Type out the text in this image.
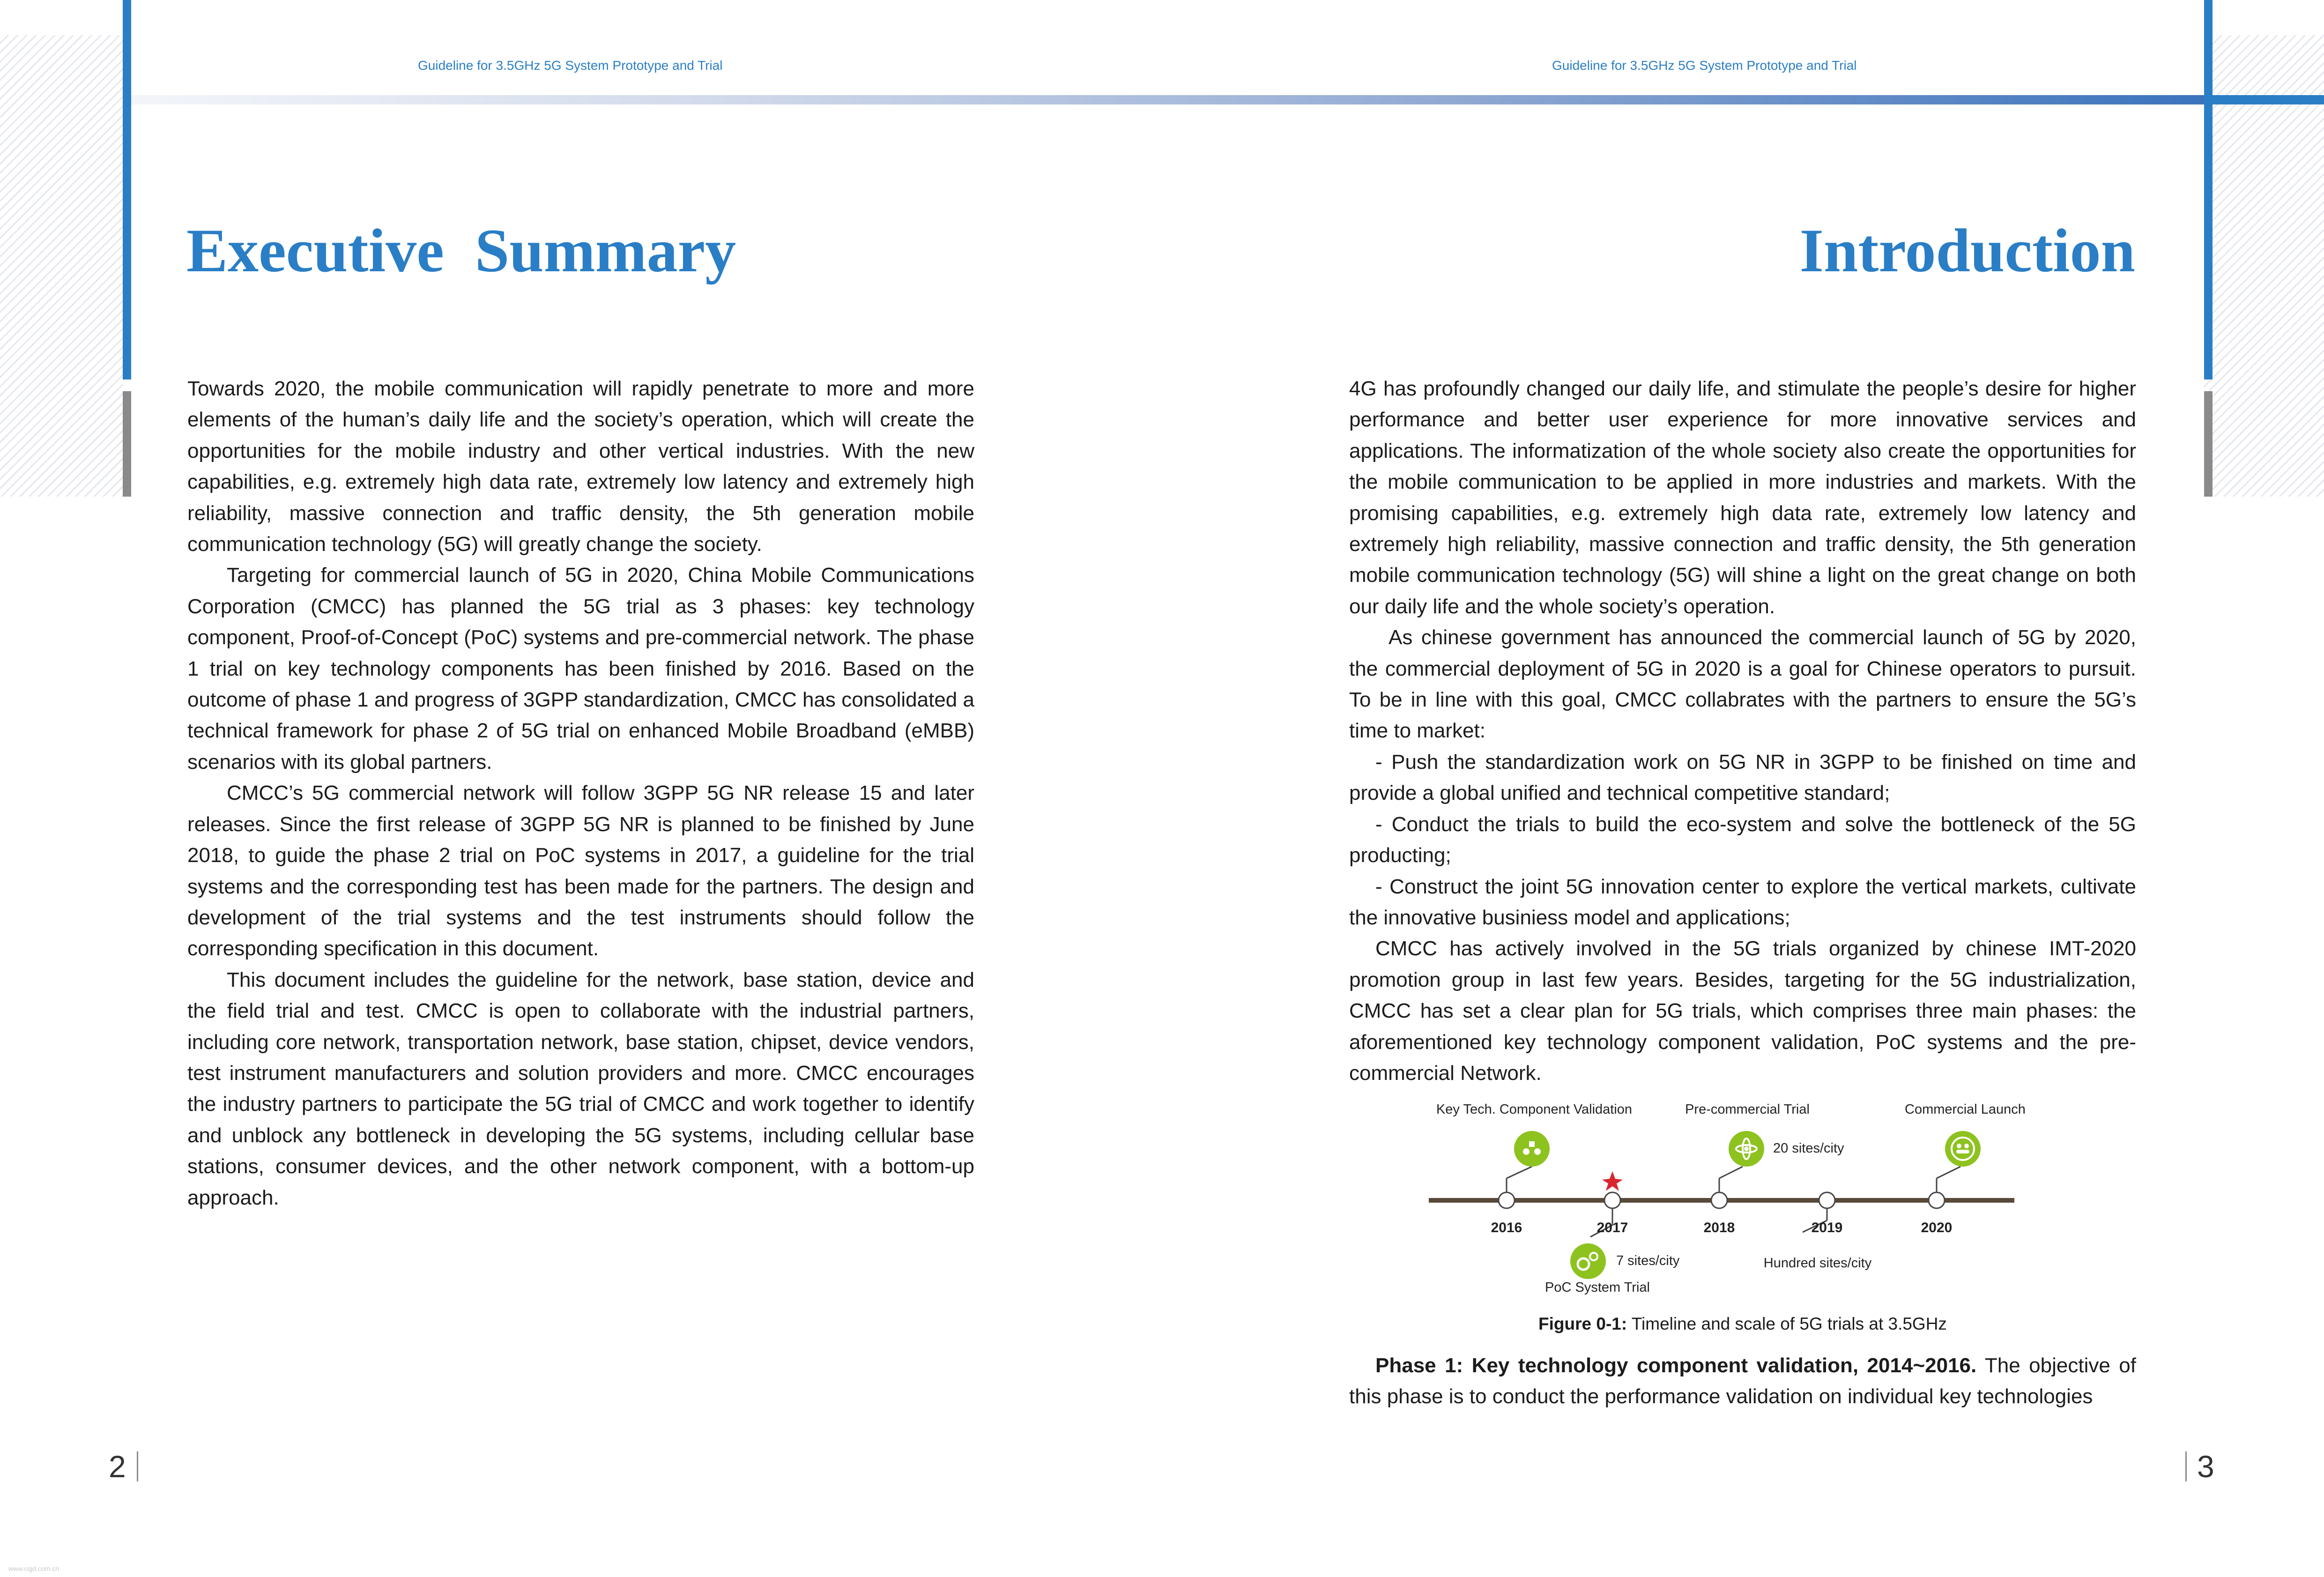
Guideline for 3.5GHz 5G System Prototype and Trial	Guideline for 3.5GHz 5G System Prototype and Trial
Executive  Summary	Introduction

Towards 2020, the mobile communication will rapidly penetrate to more and more elements of the human’s daily life and the society’s operation, which will create the opportunities for the mobile industry and other vertical industries. With the new capabilities, e.g. extremely high data rate, extremely low latency and extremely high reliability, massive connection and traffic density, the 5th generation mobile communication technology (5G) will greatly change the society.

Targeting for commercial launch of 5G in 2020, China Mobile Communications Corporation (CMCC) has planned the 5G trial as 3 phases: key technology component, Proof-of-Concept (PoC) systems and pre-commercial network. The phase 1 trial on key technology components has been finished by 2016. Based on the outcome of phase 1 and progress of 3GPP standardization, CMCC has consolidated a technical framework for phase 2 of 5G trial on enhanced Mobile Broadband (eMBB) scenarios with its global partners.

CMCC’s 5G commercial network will follow 3GPP 5G NR release 15 and later releases. Since the first release of 3GPP 5G NR is planned to be finished by June 2018, to guide the phase 2 trial on PoC systems in 2017, a guideline for the trial systems and the corresponding test has been made for the partners. The design and development of the trial systems and the test instruments should follow the corresponding specification in this document.

This document includes the guideline for the network, base station, device and the field trial and test. CMCC is open to collaborate with the industrial partners, including core network, transportation network, base station, chipset, device vendors, test instrument manufacturers and solution providers and more. CMCC encourages the industry partners to participate the 5G trial of CMCC and work together to identify and unblock any bottleneck in developing the 5G systems, including cellular base stations, consumer devices, and the other network component, with a bottom-up approach.

4G has profoundly changed our daily life, and stimulate the people’s desire for higher performance and better user experience for more innovative services and applications. The informatization of the whole society also create the opportunities for the mobile communication to be applied in more industries and markets. With the promising capabilities, e.g. extremely high data rate, extremely low latency and extremely high reliability, massive connection and traffic density, the 5th generation mobile communication technology (5G) will shine a light on the great change on both our daily life and the whole society’s operation.

As chinese government has announced the commercial launch of 5G by 2020, the commercial deployment of 5G in 2020 is a goal for Chinese operators to pursuit. To be in line with this goal, CMCC collabrates with the partners to ensure the 5G’s time to market:

- Push the standardization work on 5G NR in 3GPP to be finished on time and provide a global unified and technical competitive standard;

- Conduct the trials to build the eco-system and solve the bottleneck of the 5G producting;

- Construct the joint 5G innovation center to explore the vertical markets, cultivate the innovative businiess model and applications;

CMCC has actively involved in the 5G trials organized by chinese IMT-2020 promotion group in last few years. Besides, targeting for the 5G industrialization, CMCC has set a clear plan for 5G trials, which comprises three main phases: the aforementioned key technology component validation, PoC systems and the pre-commercial Network.

Key Tech. Component Validation	Pre-commercial Trial	Commercial Launch
20 sites/city
7 sites/city	Hundred sites/city
PoC System Trial
2016	2017	2018	2019	2020
Figure 0-1: Timeline and scale of 5G trials at 3.5GHz

Phase 1: Key technology component validation, 2014~2016. The objective of this phase is to conduct the performance validation on individual key technologies

2	3
www.cqjd.com.cn
